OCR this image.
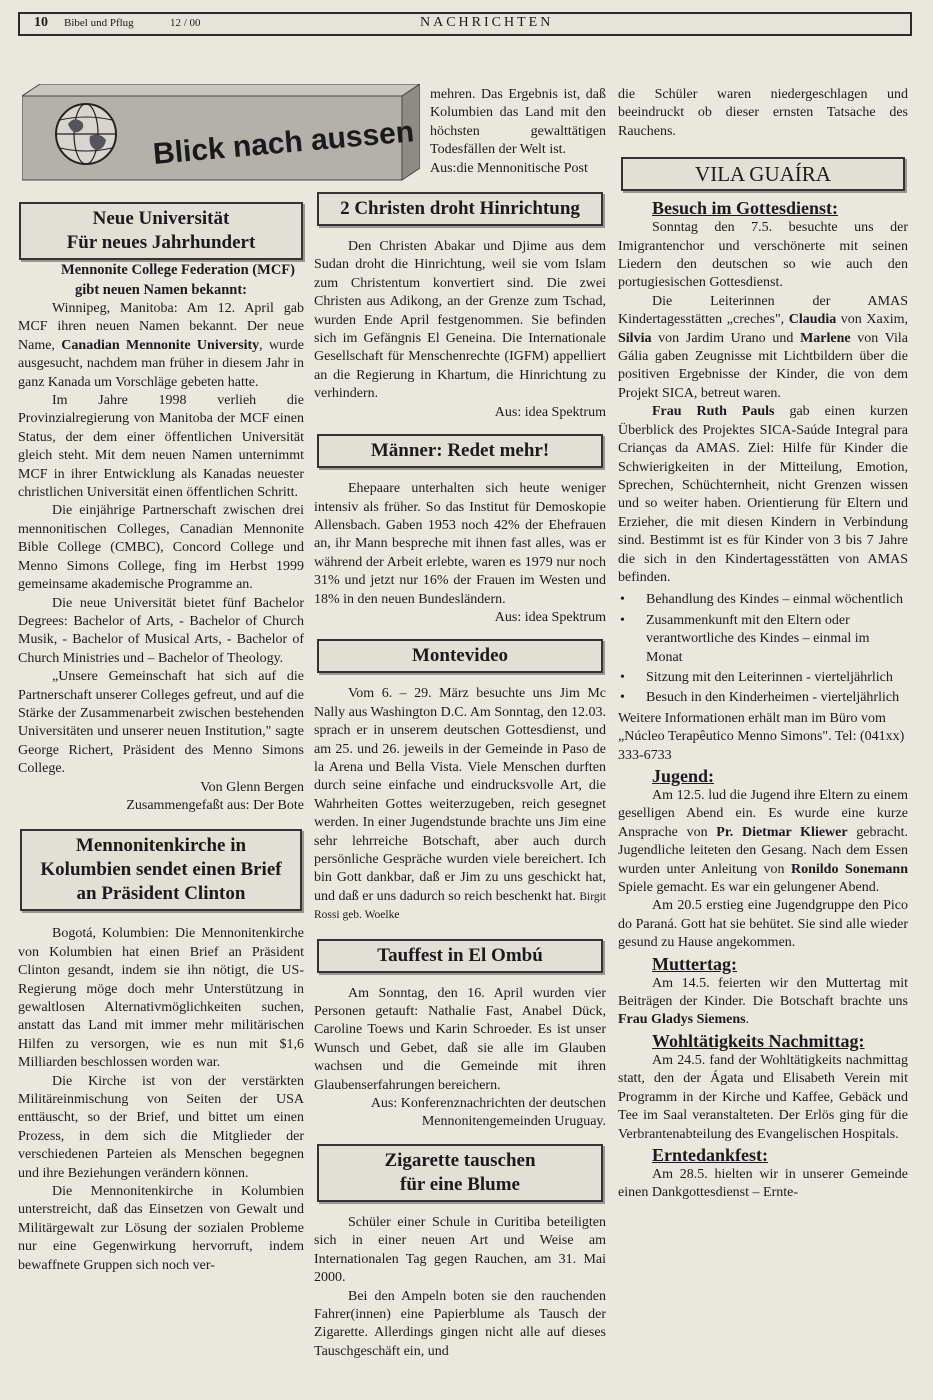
10 Bibel und Pflug	12 / 00	NACHRICHTEN
Blick nach aussen
Neue Universität
Für neues Jahrhundert

Mennonite College Federation (MCF) gibt neuen Namen bekannt:

Winnipeg, Manitoba: Am 12. April gab MCF ihren neuen Namen bekannt. Der neue Name, Canadian Mennonite University, wurde ausgesucht, nachdem man früher in diesem Jahr in ganz Kanada um Vorschläge gebeten hatte.

Im Jahre 1998 verlieh die Provinzialregierung von Manitoba der MCF einen Status, der dem einer öffentlichen Universität gleich steht. Mit dem neuen Namen unternimmt MCF in ihrer Entwicklung als Kanadas neuester christlichen Universität einen öffentlichen Schritt.

Die einjährige Partnerschaft zwischen drei mennonitischen Colleges, Canadian Mennonite Bible College (CMBC), Concord College und Menno Simons College, fing im Herbst 1999 gemeinsame akademische Programme an.

Die neue Universität bietet fünf Bachelor Degrees: Bachelor of Arts, - Bachelor of Church Musik, - Bachelor of Musical Arts, - Bachelor of Church Ministries und – Bachelor of Theology.

„Unsere Gemeinschaft hat sich auf die Partnerschaft unserer Colleges gefreut, und auf die Stärke der Zusammenarbeit zwischen bestehenden Universitäten und unserer neuen Institution," sagte George Richert, Präsident des Menno Simons College.

Von Glenn Bergen

Zusammengefaßt aus: Der Bote

Mennonitenkirche in
Kolumbien sendet einen Brief
an Präsident Clinton

Bogotá, Kolumbien: Die Mennonitenkirche von Kolumbien hat einen Brief an Präsident Clinton gesandt, indem sie ihn nötigt, die US-Regierung möge doch mehr Unterstützung in gewaltlosen Alternativmöglichkeiten suchen, anstatt das Land mit immer mehr militärischen Hilfen zu versorgen, wie es nun mit $1,6 Milliarden beschlossen worden war.

Die Kirche ist von der verstärkten Militäreinmischung von Seiten der USA enttäuscht, so der Brief, und bittet um einen Prozess, in dem sich die Mitglieder der verschiedenen Parteien als Menschen begegnen und ihre Beziehungen verändern können.

Die Mennonitenkirche in Kolumbien unterstreicht, daß das Einsetzen von Gewalt und Militärgewalt zur Lösung der sozialen Probleme nur eine Gegenwirkung hervorruft, indem bewaffnete Gruppen sich noch ver-

mehren. Das Ergebnis ist, daß Kolumbien das Land mit den höchsten gewalttätigen Todesfällen der Welt ist.

Aus:die Mennonitische Post

2 Christen droht Hinrichtung

Den Christen Abakar und Djime aus dem Sudan droht die Hinrichtung, weil sie vom Islam zum Christentum konvertiert sind. Die zwei Christen aus Adikong, an der Grenze zum Tschad, wurden Ende April festgenommen. Sie befinden sich im Gefängnis El Geneina. Die Internationale Gesellschaft für Menschenrechte (IGFM) appelliert an die Regierung in Khartum, die Hinrichtung zu verhindern.

Aus: idea Spektrum

Männer: Redet mehr!

Ehepaare unterhalten sich heute weniger intensiv als früher. So das Institut für Demoskopie Allensbach. Gaben 1953 noch 42% der Ehefrauen an, ihr Mann bespreche mit ihnen fast alles, was er während der Arbeit erlebte, waren es 1979 nur noch 31% und jetzt nur 16% der Frauen im Westen und 18% in den neuen Bundesländern.

Aus: idea Spektrum

Montevideo

Vom 6. – 29. März besuchte uns Jim Mc Nally aus Washington D.C. Am Sonntag, den 12.03. sprach er in unserem deutschen Gottesdienst, und am 25. und 26. jeweils in der Gemeinde in Paso de la Arena und Bella Vista. Viele Menschen durften durch seine einfache und eindrucksvolle Art, die Wahrheiten Gottes weiterzugeben, reich gesegnet werden. In einer Jugendstunde brachte uns Jim eine sehr lehrreiche Botschaft, aber auch durch persönliche Gespräche wurden viele bereichert. Ich bin Gott dankbar, daß er Jim zu uns geschickt hat, und daß er uns dadurch so reich beschenkt hat. Birgit Rossi geb. Woelke

Tauffest in El Ombú

Am Sonntag, den 16. April wurden vier Personen getauft: Nathalie Fast, Anabel Dück, Caroline Toews und Karin Schroeder. Es ist unser Wunsch und Gebet, daß sie alle im Glauben wachsen und die Gemeinde mit ihren Glaubenserfahrungen bereichern.

Aus: Konferenznachrichten der deutschen Mennonitengemeinden Uruguay.

Zigarette tauschen
für eine Blume

Schüler einer Schule in Curitiba beteiligten sich in einer neuen Art und Weise am Internationalen Tag gegen Rauchen, am 31. Mai 2000.

Bei den Ampeln boten sie den rauchenden Fahrer(innen) eine Papierblume als Tausch der Zigarette. Allerdings gingen nicht alle auf dieses Tauschgeschäft ein, und

die Schüler waren niedergeschlagen und beeindruckt ob dieser ernsten Tatsache des Rauchens.

VILA GUAÍRA

Besuch im Gottesdienst:

Sonntag den 7.5. besuchte uns der Imigrantenchor und verschönerte mit seinen Liedern den deutschen so wie auch den portugiesischen Gottesdienst.

Die Leiterinnen der AMAS Kindertagesstätten „creches", Claudia von Xaxim, Silvia von Jardim Urano und Marlene von Vila Gália gaben Zeugnisse mit Lichtbildern über die positiven Ergebnisse der Kinder, die von dem Projekt SICA, betreut waren.

Frau Ruth Pauls gab einen kurzen Überblick des Projektes SICA-Saúde Integral para Crianças da AMAS. Ziel: Hilfe für Kinder die Schwierigkeiten in der Mitteilung, Emotion, Sprechen, Schüchternheit, nicht Grenzen wissen und so weiter haben. Orientierung für Eltern und Erzieher, die mit diesen Kindern in Verbindung sind. Bestimmt ist es für Kinder von 3 bis 7 Jahre die sich in den Kindertagesstätten von AMAS befinden.

• Behandlung des Kindes – einmal wöchentlich
• Zusammenkunft mit den Eltern oder verantwortliche des Kindes – einmal im Monat
• Sitzung mit den Leiterinnen - vierteljährlich
• Besuch in den Kinderheimen - vierteljährlich

Weitere Informationen erhält man im Büro vom „Núcleo Terapêutico Menno Simons". Tel: (041xx) 333-6733

Jugend:

Am 12.5. lud die Jugend ihre Eltern zu einem geselligen Abend ein. Es wurde eine kurze Ansprache von Pr. Dietmar Kliewer gebracht. Jugendliche leiteten den Gesang. Nach dem Essen wurden unter Anleitung von Ronildo Sonemann Spiele gemacht. Es war ein gelungener Abend.

Am 20.5 erstieg eine Jugendgruppe den Pico do Paraná. Gott hat sie behütet. Sie sind alle wieder gesund zu Hause angekommen.

Muttertag:

Am 14.5. feierten wir den Muttertag mit Beiträgen der Kinder. Die Botschaft brachte uns Frau Gladys Siemens.

Wohltätigkeits Nachmittag:

Am 24.5. fand der Wohltätigkeits nachmittag statt, den der Ágata und Elisabeth Verein mit Programm in der Kirche und Kaffee, Gebäck und Tee im Saal veranstalteten. Der Erlös ging für die Verbrantenabteilung des Evangelischen Hospitals.

Erntedankfest:

Am 28.5. hielten wir in unserer Gemeinde einen Dankgottesdienst – Ernte-
